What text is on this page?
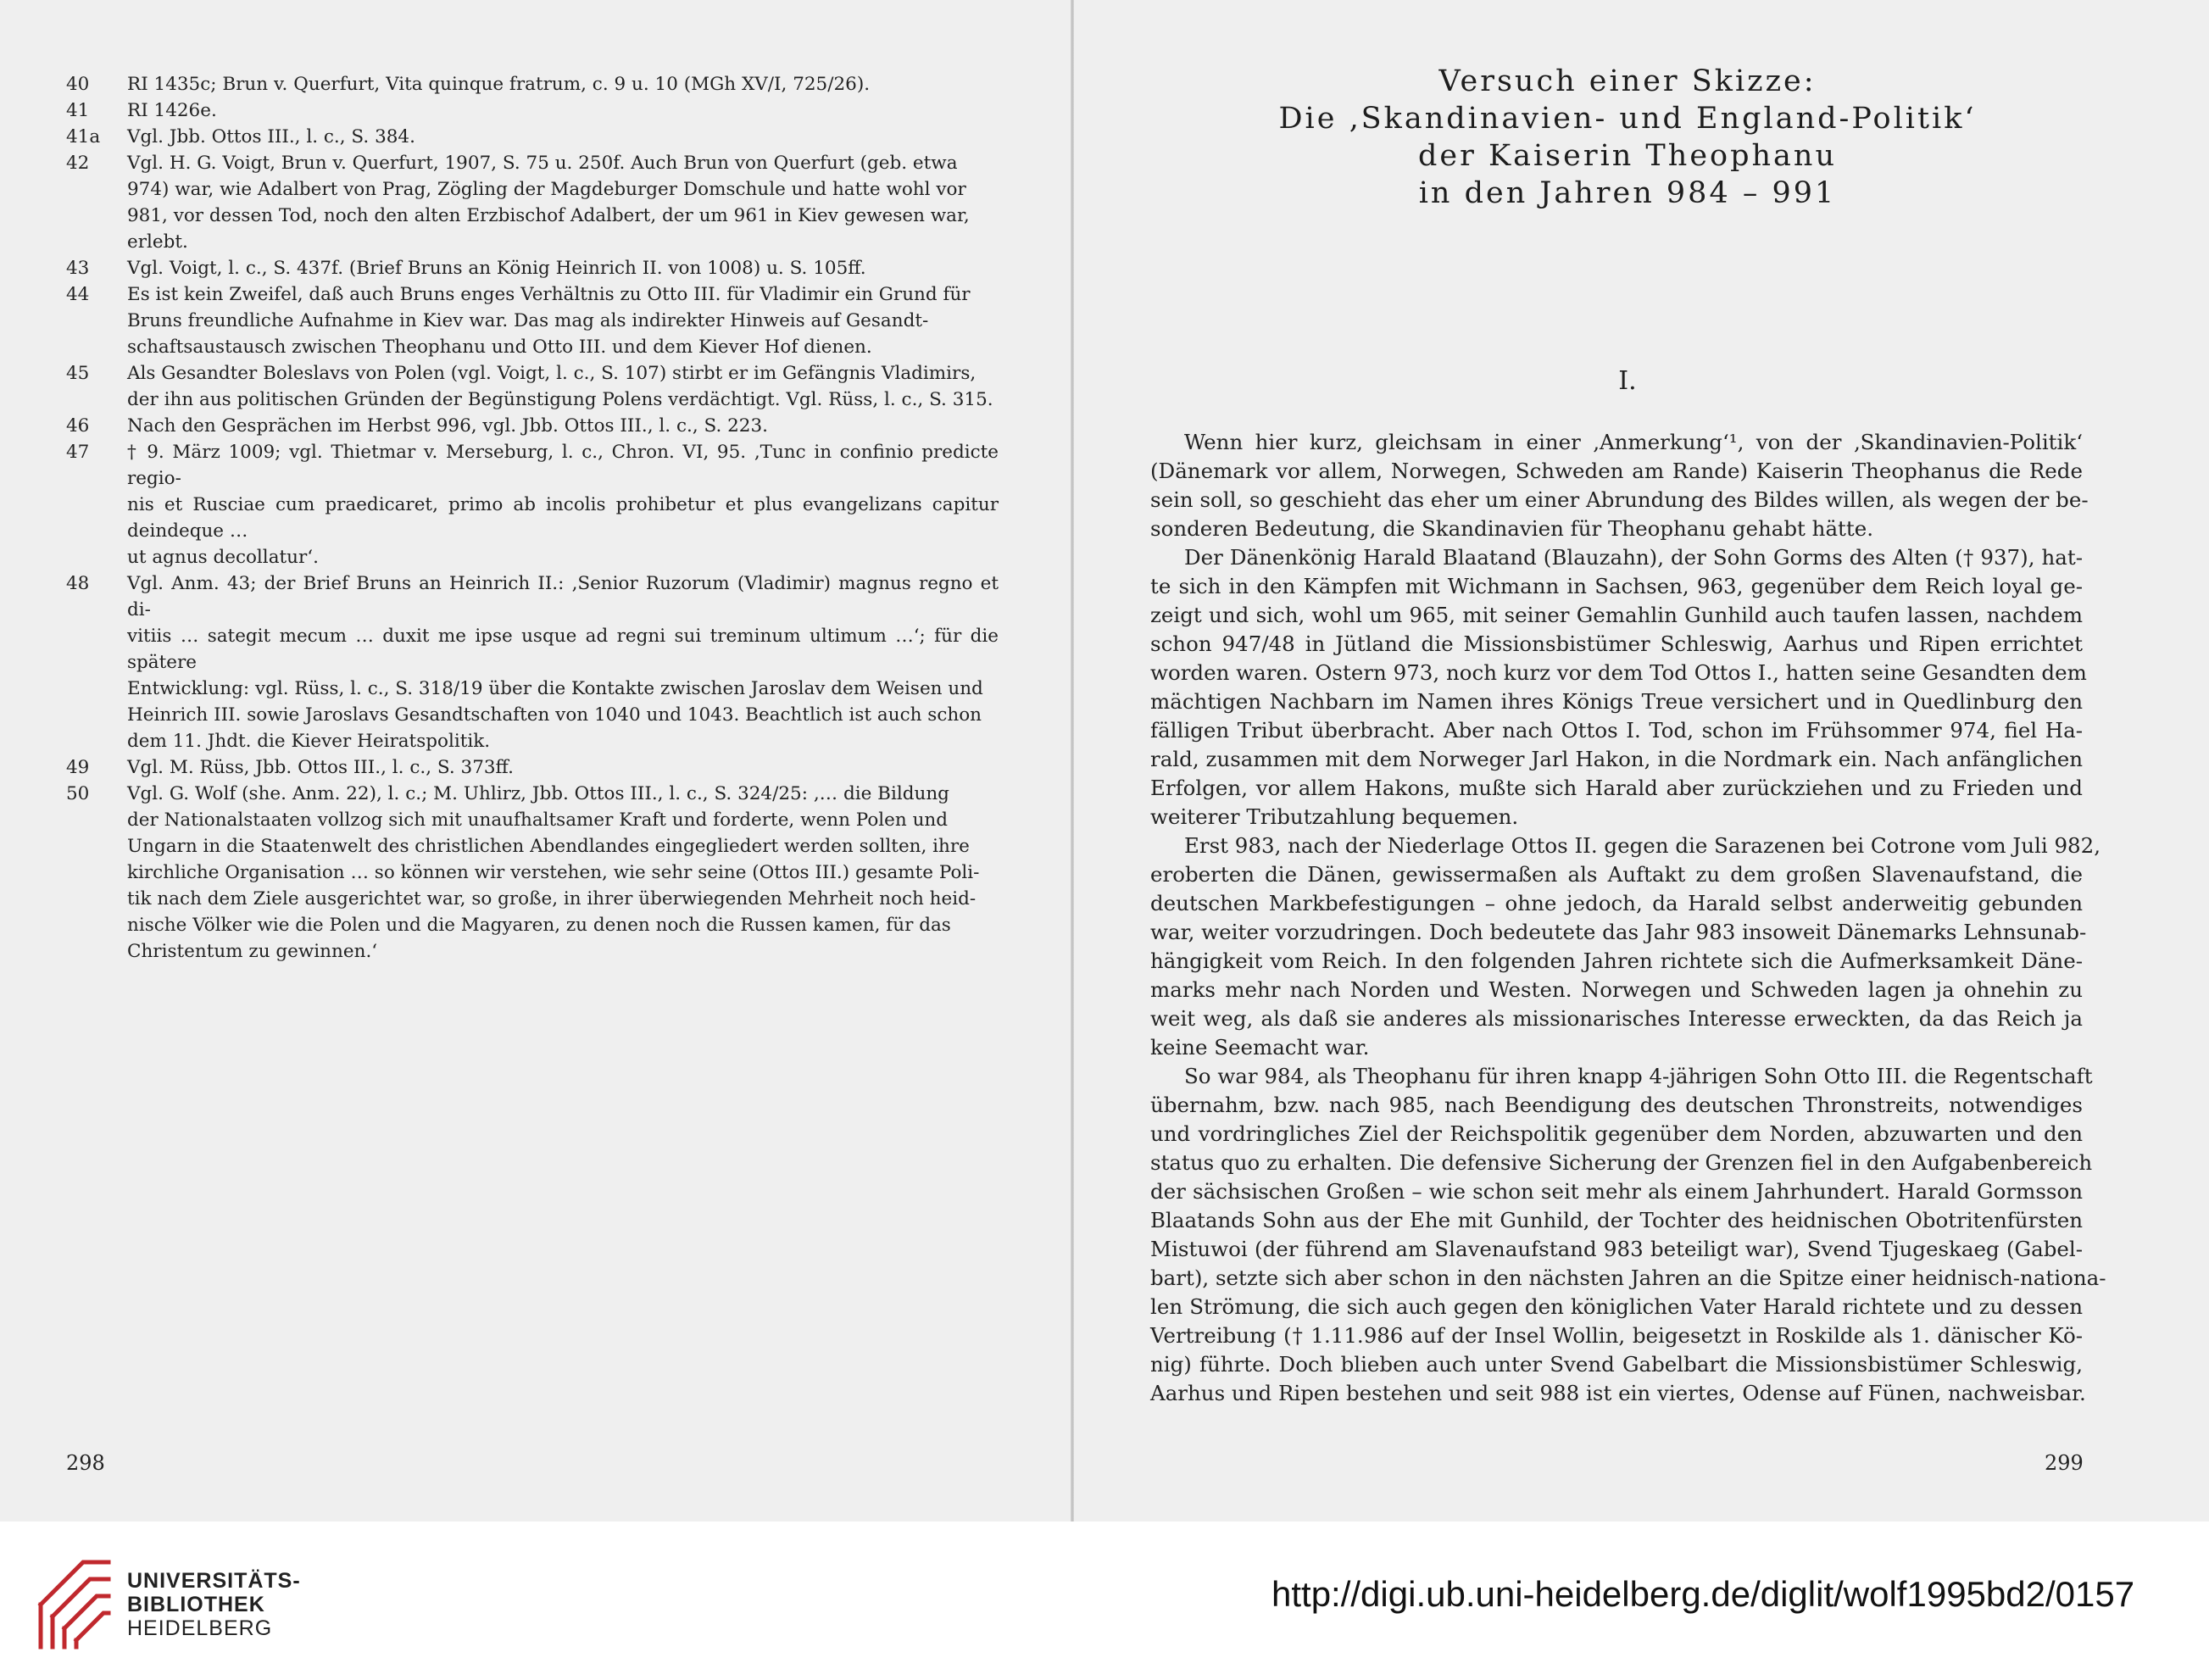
40	RI 1435c; Brun v. Querfurt, Vita quinque fratrum, c. 9 u. 10 (MGh XV/I, 725/26).
41	RI 1426e.
41a	Vgl. Jbb. Ottos III., l. c., S. 384.
42	Vgl. H. G. Voigt, Brun v. Querfurt, 1907, S. 75 u. 250f. Auch Brun von Querfurt (geb. etwa
974) war, wie Adalbert von Prag, Zögling der Magdeburger Domschule und hatte wohl vor
981, vor dessen Tod, noch den alten Erzbischof Adalbert, der um 961 in Kiev gewesen war,
erlebt.
43	Vgl. Voigt, l. c., S. 437f. (Brief Bruns an König Heinrich II. von 1008) u. S. 105ff.
44	Es ist kein Zweifel, daß auch Bruns enges Verhältnis zu Otto III. für Vladimir ein Grund für
Bruns freundliche Aufnahme in Kiev war. Das mag als indirekter Hinweis auf Gesandt-
schaftsaustausch zwischen Theophanu und Otto III. und dem Kiever Hof dienen.
45	Als Gesandter Boleslavs von Polen (vgl. Voigt, l. c., S. 107) stirbt er im Gefängnis Vladimirs,
der ihn aus politischen Gründen der Begünstigung Polens verdächtigt. Vgl. Rüss, l. c., S. 315.
46	Nach den Gesprächen im Herbst 996, vgl. Jbb. Ottos III., l. c., S. 223.
47	† 9. März 1009; vgl. Thietmar v. Merseburg, l. c., Chron. VI, 95. ‚Tunc in confinio predicte regio-
nis et Rusciae cum praedicaret, primo ab incolis prohibetur et plus evangelizans capitur deindeque …
ut agnus decollatur‘.
48	Vgl. Anm. 43; der Brief Bruns an Heinrich II.: ‚Senior Ruzorum (Vladimir) magnus regno et di-
vitiis … sategit mecum … duxit me ipse usque ad regni sui treminum ultimum …‘; für die spätere
Entwicklung: vgl. Rüss, l. c., S. 318/19 über die Kontakte zwischen Jaroslav dem Weisen und
Heinrich III. sowie Jaroslavs Gesandtschaften von 1040 und 1043. Beachtlich ist auch schon
dem 11. Jhdt. die Kiever Heiratspolitik.
49	Vgl. M. Rüss, Jbb. Ottos III., l. c., S. 373ff.
50	Vgl. G. Wolf (she. Anm. 22), l. c.; M. Uhlirz, Jbb. Ottos III., l. c., S. 324/25: ‚… die Bildung
der Nationalstaaten vollzog sich mit unaufhaltsamer Kraft und forderte, wenn Polen und
Ungarn in die Staatenwelt des christlichen Abendlandes eingegliedert werden sollten, ihre
kirchliche Organisation … so können wir verstehen, wie sehr seine (Ottos III.) gesamte Poli-
tik nach dem Ziele ausgerichtet war, so große, in ihrer überwiegenden Mehrheit noch heid-
nische Völker wie die Polen und die Magyaren, zu denen noch die Russen kamen, für das
Christentum zu gewinnen.‘
298
Versuch einer Skizze:
Die ‚Skandinavien- und England-Politik‘
der Kaiserin Theophanu
in den Jahren 984 – 991
I.
Wenn hier kurz, gleichsam in einer ‚Anmerkung‘¹, von der ‚Skandinavien-Politik‘
(Dänemark vor allem, Norwegen, Schweden am Rande) Kaiserin Theophanus die Rede
sein soll, so geschieht das eher um einer Abrundung des Bildes willen, als wegen der be-
sonderen Bedeutung, die Skandinavien für Theophanu gehabt hätte.
Der Dänenkönig Harald Blaatand (Blauzahn), der Sohn Gorms des Alten († 937), hat-
te sich in den Kämpfen mit Wichmann in Sachsen, 963, gegenüber dem Reich loyal ge-
zeigt und sich, wohl um 965, mit seiner Gemahlin Gunhild auch taufen lassen, nachdem
schon 947/48 in Jütland die Missionsbistümer Schleswig, Aarhus und Ripen errichtet
worden waren. Ostern 973, noch kurz vor dem Tod Ottos I., hatten seine Gesandten dem
mächtigen Nachbarn im Namen ihres Königs Treue versichert und in Quedlinburg den
fälligen Tribut überbracht. Aber nach Ottos I. Tod, schon im Frühsommer 974, fiel Ha-
rald, zusammen mit dem Norweger Jarl Hakon, in die Nordmark ein. Nach anfänglichen
Erfolgen, vor allem Hakons, mußte sich Harald aber zurückziehen und zu Frieden und
weiterer Tributzahlung bequemen.
Erst 983, nach der Niederlage Ottos II. gegen die Sarazenen bei Cotrone vom Juli 982,
eroberten die Dänen, gewissermaßen als Auftakt zu dem großen Slavenaufstand, die
deutschen Markbefestigungen – ohne jedoch, da Harald selbst anderweitig gebunden
war, weiter vorzudringen. Doch bedeutete das Jahr 983 insoweit Dänemarks Lehnsunab-
hängigkeit vom Reich. In den folgenden Jahren richtete sich die Aufmerksamkeit Däne-
marks mehr nach Norden und Westen. Norwegen und Schweden lagen ja ohnehin zu
weit weg, als daß sie anderes als missionarisches Interesse erweckten, da das Reich ja
keine Seemacht war.
So war 984, als Theophanu für ihren knapp 4-jährigen Sohn Otto III. die Regentschaft
übernahm, bzw. nach 985, nach Beendigung des deutschen Thronstreits, notwendiges
und vordringliches Ziel der Reichspolitik gegenüber dem Norden, abzuwarten und den
status quo zu erhalten. Die defensive Sicherung der Grenzen fiel in den Aufgabenbereich
der sächsischen Großen – wie schon seit mehr als einem Jahrhundert. Harald Gormsson
Blaatands Sohn aus der Ehe mit Gunhild, der Tochter des heidnischen Obotritenfürsten
Mistuwoi (der führend am Slavenaufstand 983 beteiligt war), Svend Tjugeskaeg (Gabel-
bart), setzte sich aber schon in den nächsten Jahren an die Spitze einer heidnisch-nationa-
len Strömung, die sich auch gegen den königlichen Vater Harald richtete und zu dessen
Vertreibung († 1.11.986 auf der Insel Wollin, beigesetzt in Roskilde als 1. dänischer Kö-
nig) führte. Doch blieben auch unter Svend Gabelbart die Missionsbistümer Schleswig,
Aarhus und Ripen bestehen und seit 988 ist ein viertes, Odense auf Fünen, nachweisbar.
299
UNIVERSITÄTS-
BIBLIOTHEK
HEIDELBERG
http://digi.ub.uni-heidelberg.de/diglit/wolf1995bd2/0157
